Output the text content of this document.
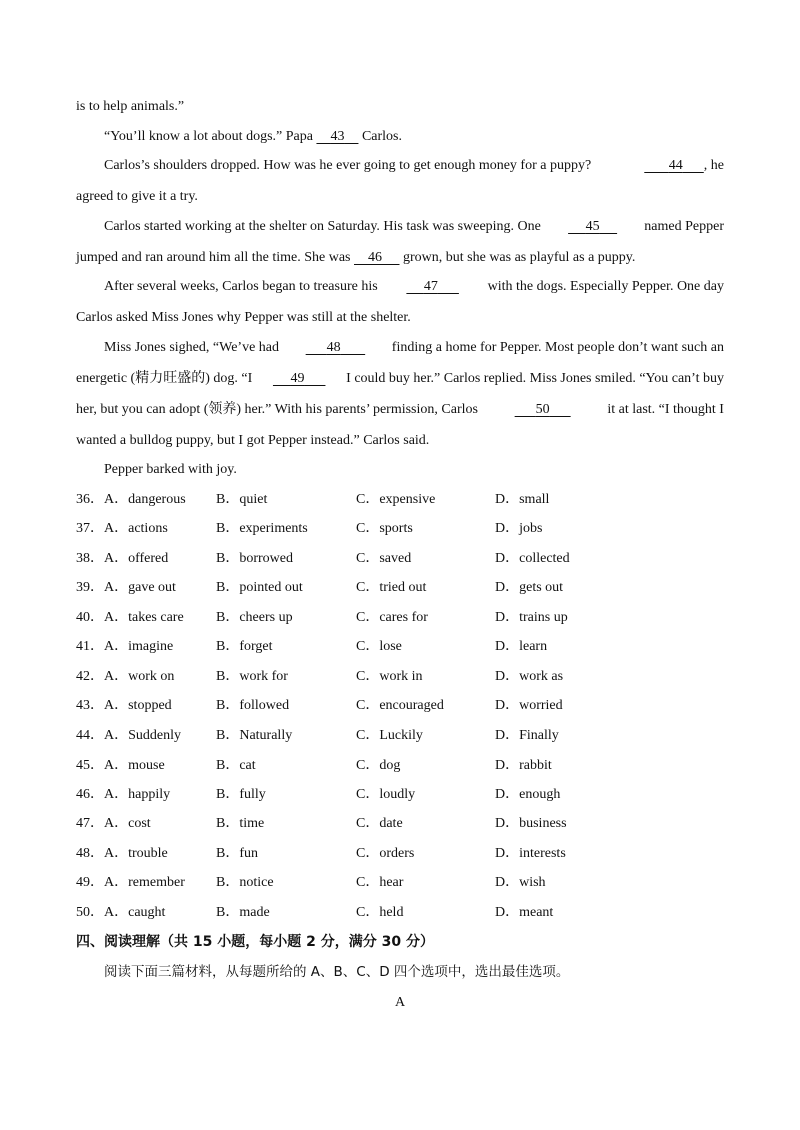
is to help animals.”
“You’ll know a lot about dogs.” Papa 43 Carlos.
Carlos’s shoulders dropped. How was he ever going to get enough money for a puppy?	44 , he
agreed to give it a try.
Carlos started working at the shelter on Saturday. His task was sweeping. One	45	named Pepper
jumped and ran around him all the time. She was 46 grown, but she was as playful as a puppy.
After several weeks, Carlos began to treasure his	47	with the dogs. Especially Pepper. One day
Carlos asked Miss Jones why Pepper was still at the shelter.
Miss Jones sighed, “We’ve had	48	finding a home for Pepper. Most people don’t want such an
energetic (精力旺盛的) dog. “I	49	I could buy her.” Carlos replied. Miss Jones smiled. “You can’t buy
her, but you can adopt (领养) her.” With his parents’ permission, Carlos	50	it at last. “I thought I
wanted a bulldog puppy, but I got Pepper instead.” Carlos said.
Pepper barked with joy.
36． A．dangerous B．quiet	C．expensive	D．small
37． A．actions	B．experiments	C．sports	D．jobs
38． A．offered	B．borrowed	C．saved	D．collected
39． A．gave out	B．pointed out	C．tried out	D．gets out
40． A．takes care B．cheers up	C．cares for	D．trains up
41． A．imagine	B．forget	C．lose	D．learn
42． A．work on	B．work for	C．work in	D．work as
43． A．stopped	B．followed	C．encouraged	D．worried
44． A．Suddenly	B．Naturally	C．Luckily	D．Finally
45． A．mouse	B．cat	C．dog	D．rabbit
46． A．happily	B．fully	C．loudly	D．enough
47． A．cost	B．time	C．date	D．business
48． A．trouble	B．fun	C．orders	D．interests
49． A．remember B．notice	C．hear	D．wish
50． A．caught	B．made	C．held	D．meant
四、阅读理解（共 15 小题，每小题 2 分，满分 30 分）
阅读下面三篇材料，从每题所给的 A、B、C、D 四个选项中，选出最佳选项。
A
